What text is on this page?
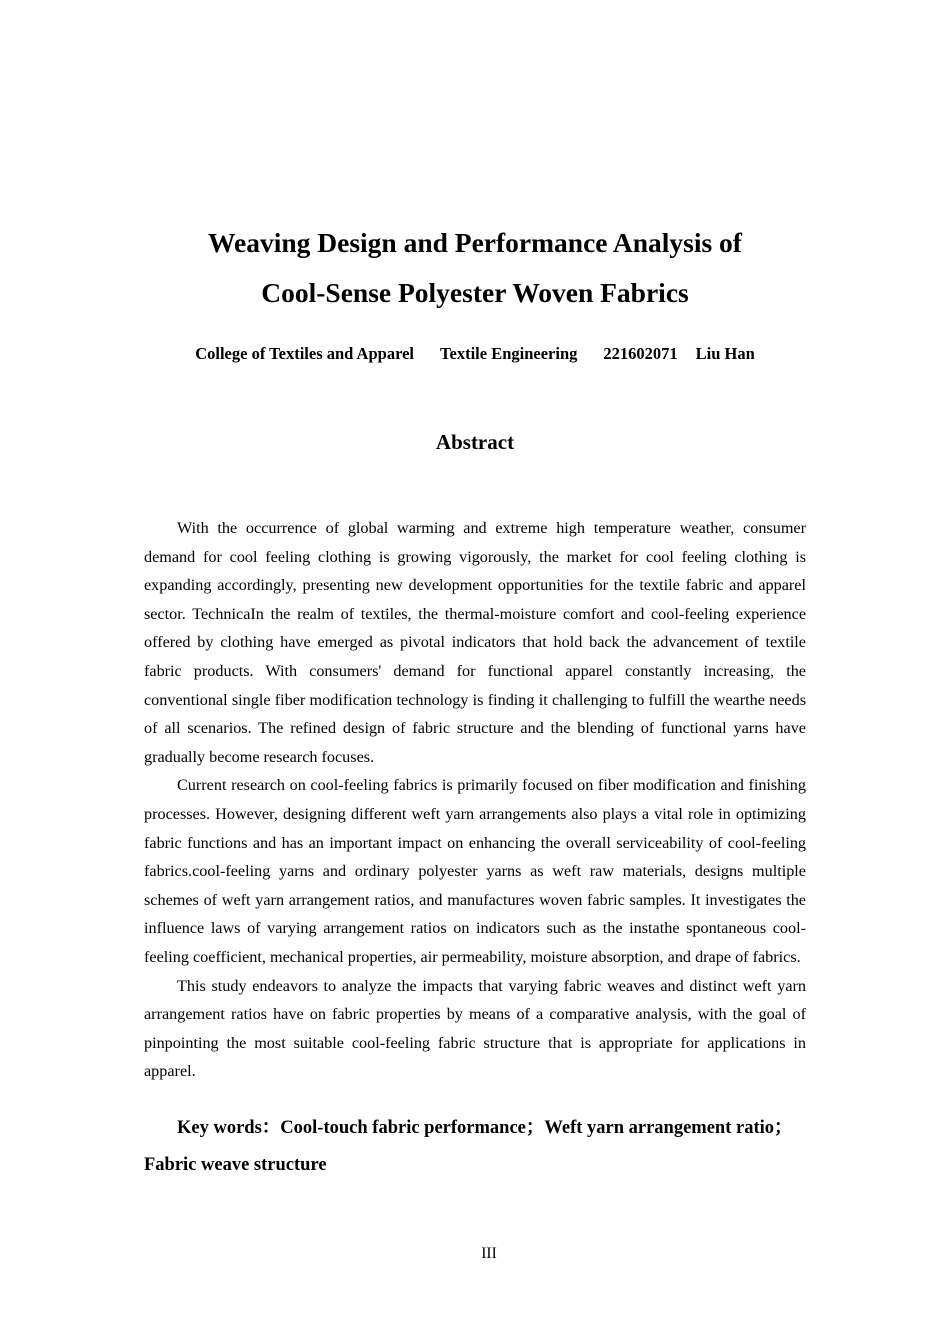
Weaving Design and Performance Analysis of
Cool-Sense Polyester Woven Fabrics
College of Textiles and Apparel Textile Engineering 221602071 Liu Han
Abstract

With the occurrence of global warming and extreme high temperature weather, consumer demand for cool feeling clothing is growing vigorously, the market for cool feeling clothing is expanding accordingly, presenting new development opportunities for the textile fabric and apparel sector. TechnicaIn the realm of textiles, the thermal-moisture comfort and cool-feeling experience offered by clothing have emerged as pivotal indicators that hold back the advancement of textile fabric products. With consumers' demand for functional apparel constantly increasing, the conventional single fiber modification technology is finding it challenging to fulfill the wearthe needs of all scenarios. The refined design of fabric structure and the blending of functional yarns have gradually become research focuses.

Current research on cool-feeling fabrics is primarily focused on fiber modification and finishing processes. However, designing different weft yarn arrangements also plays a vital role in optimizing fabric functions and has an important impact on enhancing the overall serviceability of cool-feeling fabrics.cool-feeling yarns and ordinary polyester yarns as weft raw materials, designs multiple schemes of weft yarn arrangement ratios, and manufactures woven fabric samples. It investigates the influence laws of varying arrangement ratios on indicators such as the instathe spontaneous cool-feeling coefficient, mechanical properties, air permeability, moisture absorption, and drape of fabrics.

This study endeavors to analyze the impacts that varying fabric weaves and distinct weft yarn arrangement ratios have on fabric properties by means of a comparative analysis, with the goal of pinpointing the most suitable cool-feeling fabric structure that is appropriate for applications in apparel.

Key words：Cool-touch fabric performance；Weft yarn arrangement ratio；Fabric weave structure

III
